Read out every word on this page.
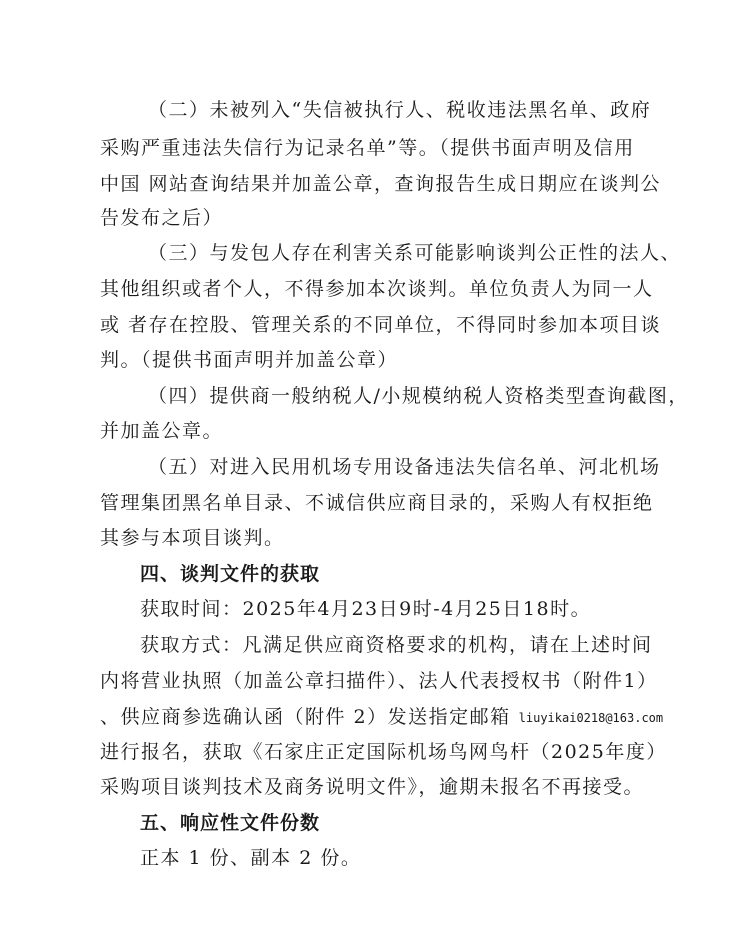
（二）未被列入“失信被执行人、税收违法黑名单、政府
采购严重违法失信行为记录名单”等。（提供书面声明及信用
中国 网站查询结果并加盖公章，查询报告生成日期应在谈判公
告发布之后）
（三）与发包人存在利害关系可能影响谈判公正性的法人、
其他组织或者个人，不得参加本次谈判。单位负责人为同一人
或 者存在控股、管理关系的不同单位，不得同时参加本项目谈
判。（提供书面声明并加盖公章）
（四）提供商一般纳税人/小规模纳税人资格类型查询截图，
并加盖公章。
（五）对进入民用机场专用设备违法失信名单、河北机场
管理集团黑名单目录、不诚信供应商目录的，采购人有权拒绝
其参与本项目谈判。
四、谈判文件的获取
获取时间：2025年4月23日9时-4月25日18时。
获取方式：凡满足供应商资格要求的机构，请在上述时间
内将营业执照（加盖公章扫描件）、法人代表授权书（附件1）
、供应商参选确认函（附件 2）发送指定邮箱 liuyikai0218@163.com
进行报名，获取《石家庄正定国际机场鸟网鸟杆（2025年度）
采购项目谈判技术及商务说明文件》，逾期未报名不再接受。
五、响应性文件份数
正本 1 份、副本 2 份。
